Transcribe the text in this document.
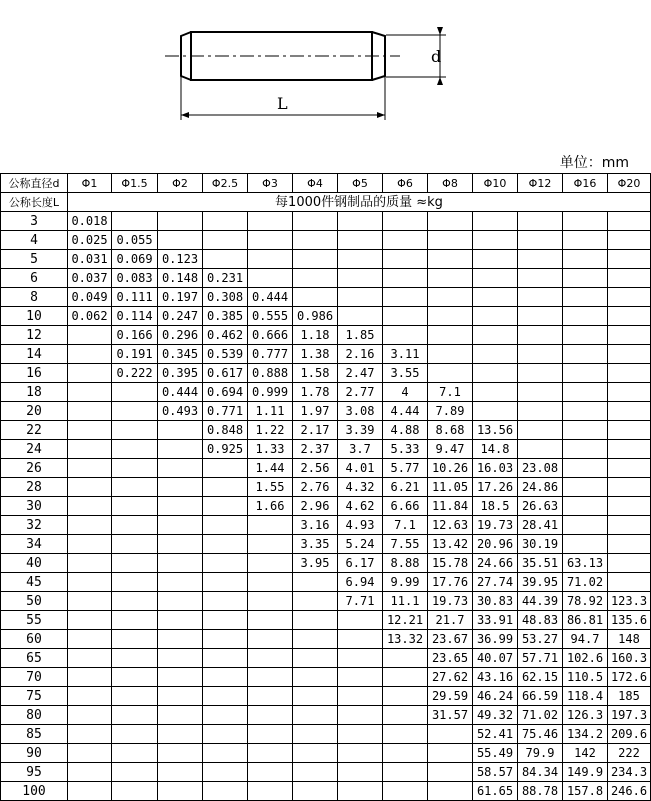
d
L
单位：mm
公称直径d	Φ1	Φ1.5	Φ2	Φ2.5	Φ3	Φ4	Φ5	Φ6	Φ8	Φ10	Φ12	Φ16	Φ20
公称长度L	每1000件钢制品的质量 ≈kg												
3	0.018												
4	0.025	0.055											
5	0.031	0.069	0.123										
6	0.037	0.083	0.148	0.231									
8	0.049	0.111	0.197	0.308	0.444								
10	0.062	0.114	0.247	0.385	0.555	0.986							
12		0.166	0.296	0.462	0.666	1.18	1.85						
14		0.191	0.345	0.539	0.777	1.38	2.16	3.11					
16		0.222	0.395	0.617	0.888	1.58	2.47	3.55					
18			0.444	0.694	0.999	1.78	2.77	4	7.1				
20			0.493	0.771	1.11	1.97	3.08	4.44	7.89				
22				0.848	1.22	2.17	3.39	4.88	8.68	13.56			
24				0.925	1.33	2.37	3.7	5.33	9.47	14.8			
26					1.44	2.56	4.01	5.77	10.26	16.03	23.08		
28					1.55	2.76	4.32	6.21	11.05	17.26	24.86		
30					1.66	2.96	4.62	6.66	11.84	18.5	26.63		
32						3.16	4.93	7.1	12.63	19.73	28.41		
34						3.35	5.24	7.55	13.42	20.96	30.19		
40						3.95	6.17	8.88	15.78	24.66	35.51	63.13	
45							6.94	9.99	17.76	27.74	39.95	71.02	
50							7.71	11.1	19.73	30.83	44.39	78.92	123.3
55								12.21	21.7	33.91	48.83	86.81	135.6
60								13.32	23.67	36.99	53.27	94.7	148
65									23.65	40.07	57.71	102.6	160.3
70									27.62	43.16	62.15	110.5	172.6
75									29.59	46.24	66.59	118.4	185
80									31.57	49.32	71.02	126.3	197.3
85										52.41	75.46	134.2	209.6
90										55.49	79.9	142	222
95										58.57	84.34	149.9	234.3
100										61.65	88.78	157.8	246.6
